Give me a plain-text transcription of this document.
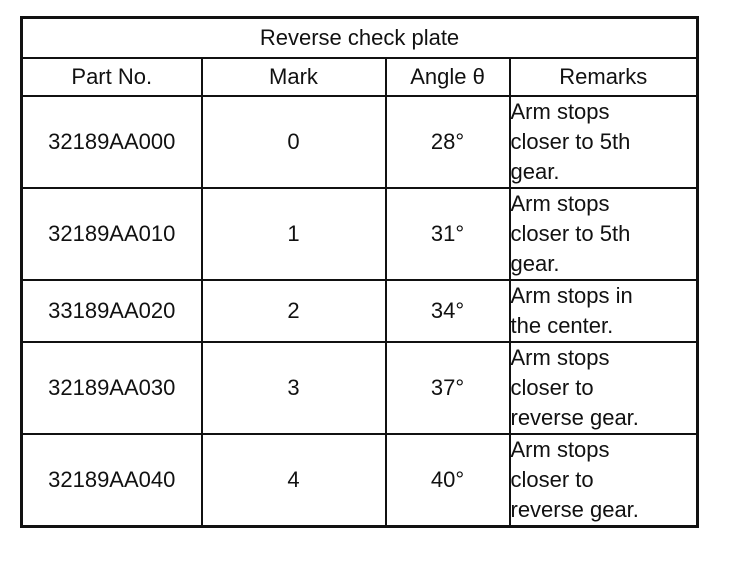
Reverse check plate			
Part No.	Mark	Angle θ	Remarks
32189AA000	0	28°	Arm stops
closer to 5th
gear.

32189AA010	1	31°	Arm stops
closer to 5th
gear.

33189AA020	2	34°	Arm stops in
the center.

32189AA030	3	37°	Arm stops
closer to
reverse gear.

32189AA040	4	40°	Arm stops
closer to
reverse gear.
